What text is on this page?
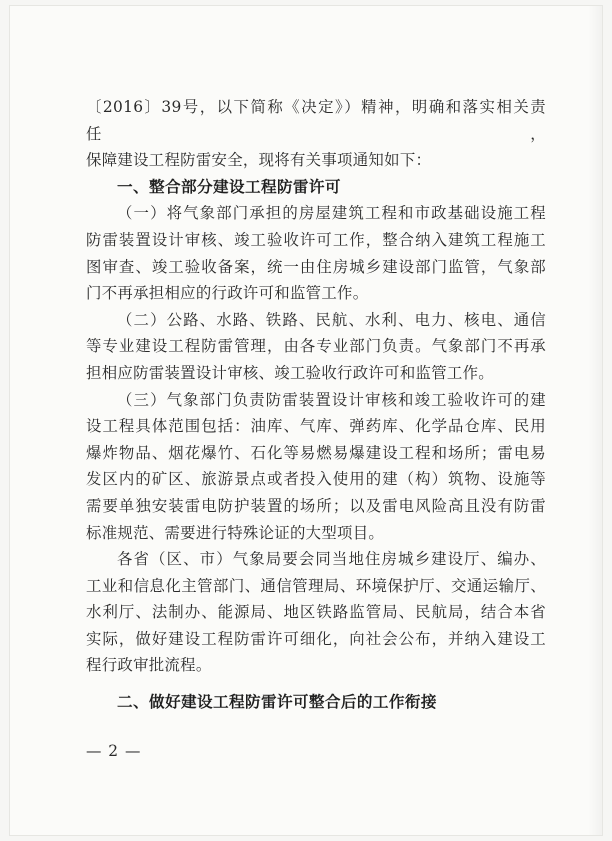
〔2016〕39号，以下简称《决定》）精神，明确和落实相关责任，
保障建设工程防雷安全，现将有关事项通知如下：

一、整合部分建设工程防雷许可

（一）将气象部门承担的房屋建筑工程和市政基础设施工程
防雷装置设计审核、竣工验收许可工作，整合纳入建筑工程施工
图审查、竣工验收备案，统一由住房城乡建设部门监管，气象部
门不再承担相应的行政许可和监管工作。

（二）公路、水路、铁路、民航、水利、电力、核电、通信
等专业建设工程防雷管理，由各专业部门负责。气象部门不再承
担相应防雷装置设计审核、竣工验收行政许可和监管工作。

（三）气象部门负责防雷装置设计审核和竣工验收许可的建
设工程具体范围包括：油库、气库、弹药库、化学品仓库、民用
爆炸物品、烟花爆竹、石化等易燃易爆建设工程和场所；雷电易
发区内的矿区、旅游景点或者投入使用的建（构）筑物、设施等
需要单独安装雷电防护装置的场所；以及雷电风险高且没有防雷
标准规范、需要进行特殊论证的大型项目。

各省（区、市）气象局要会同当地住房城乡建设厅、编办、
工业和信息化主管部门、通信管理局、环境保护厅、交通运输厅、
水利厅、法制办、能源局、地区铁路监管局、民航局，结合本省
实际，做好建设工程防雷许可细化，向社会公布，并纳入建设工
程行政审批流程。

二、做好建设工程防雷许可整合后的工作衔接

— 2 —
